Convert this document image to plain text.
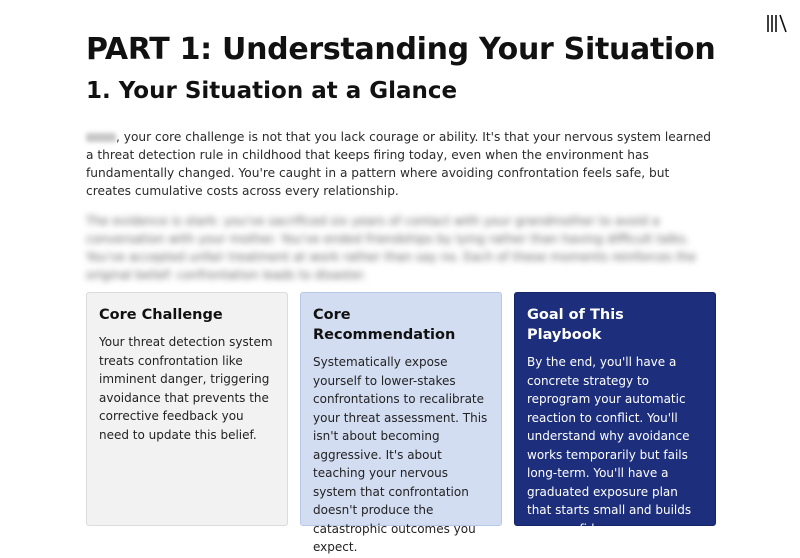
PART 1: Understanding Your Situation
1. Your Situation at a Glance

, your core challenge is not that you lack courage or ability. It's that your nervous system learned a threat detection rule in childhood that keeps firing today, even when the environment has fundamentally changed. You're caught in a pattern where avoiding confrontation feels safe, but creates cumulative costs across every relationship.

The evidence is stark: you've sacrificed six years of contact with your grandmother to avoid a conversation with your mother. You've ended friendships by lying rather than having difficult talks. You've accepted unfair treatment at work rather than say no. Each of these moments reinforces the original belief: confrontation leads to disaster.
Core Challenge

Your threat detection system treats confrontation like imminent danger, triggering avoidance that prevents the corrective feedback you need to update this belief.

Core Recommendation

Systematically expose yourself to lower-stakes confrontations to recalibrate your threat assessment. This isn't about becoming aggressive. It's about teaching your nervous system that confrontation doesn't produce the catastrophic outcomes you expect.

Goal of This Playbook

By the end, you'll have a concrete strategy to reprogram your automatic reaction to conflict. You'll understand why avoidance works temporarily but fails long-term. You'll have a graduated exposure plan that starts small and builds your confidence systematically.
